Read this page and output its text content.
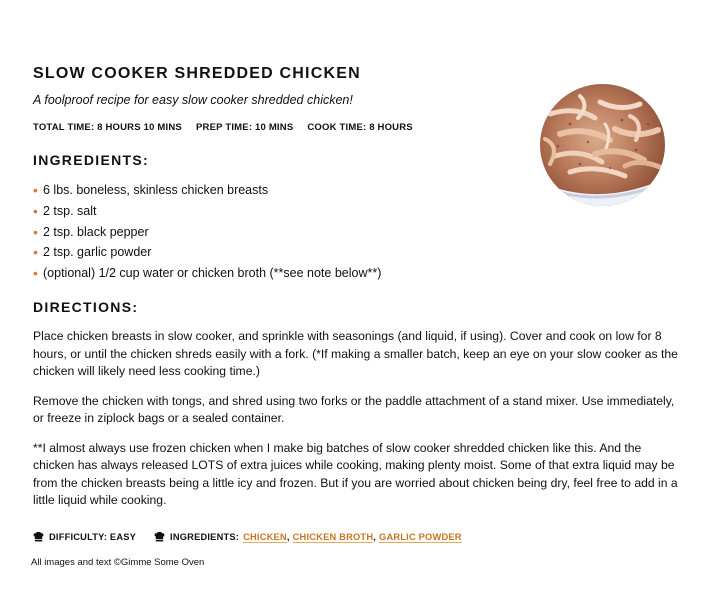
SLOW COOKER SHREDDED CHICKEN
A foolproof recipe for easy slow cooker shredded chicken!
TOTAL TIME: 8 HOURS 10 MINS PREP TIME: 10 MINS COOK TIME: 8 HOURS
INGREDIENTS:
• 6 lbs. boneless, skinless chicken breasts
• 2 tsp. salt
• 2 tsp. black pepper
• 2 tsp. garlic powder
• (optional) 1/2 cup water or chicken broth (**see note below**)
DIRECTIONS:

Place chicken breasts in slow cooker, and sprinkle with seasonings (and liquid, if using). Cover and cook on low for 8 hours, or until the chicken shreds easily with a fork. (*If making a smaller batch, keep an eye on your slow cooker as the chicken will likely need less cooking time.)

Remove the chicken with tongs, and shred using two forks or the paddle attachment of a stand mixer. Use immediately, or freeze in ziplock bags or a sealed container.

**I almost always use frozen chicken when I make big batches of slow cooker shredded chicken like this. And the chicken has always released LOTS of extra juices while cooking, making plenty moist. Some of that extra liquid may be from the chicken breasts being a little icy and frozen. But if you are worried about chicken being dry, feel free to add in a little liquid while cooking.

DIFFICULTY: EASY	INGREDIENTS: CHICKEN , CHICKEN BROTH , GARLIC POWDER
All images and text ©Gimme Some Oven
